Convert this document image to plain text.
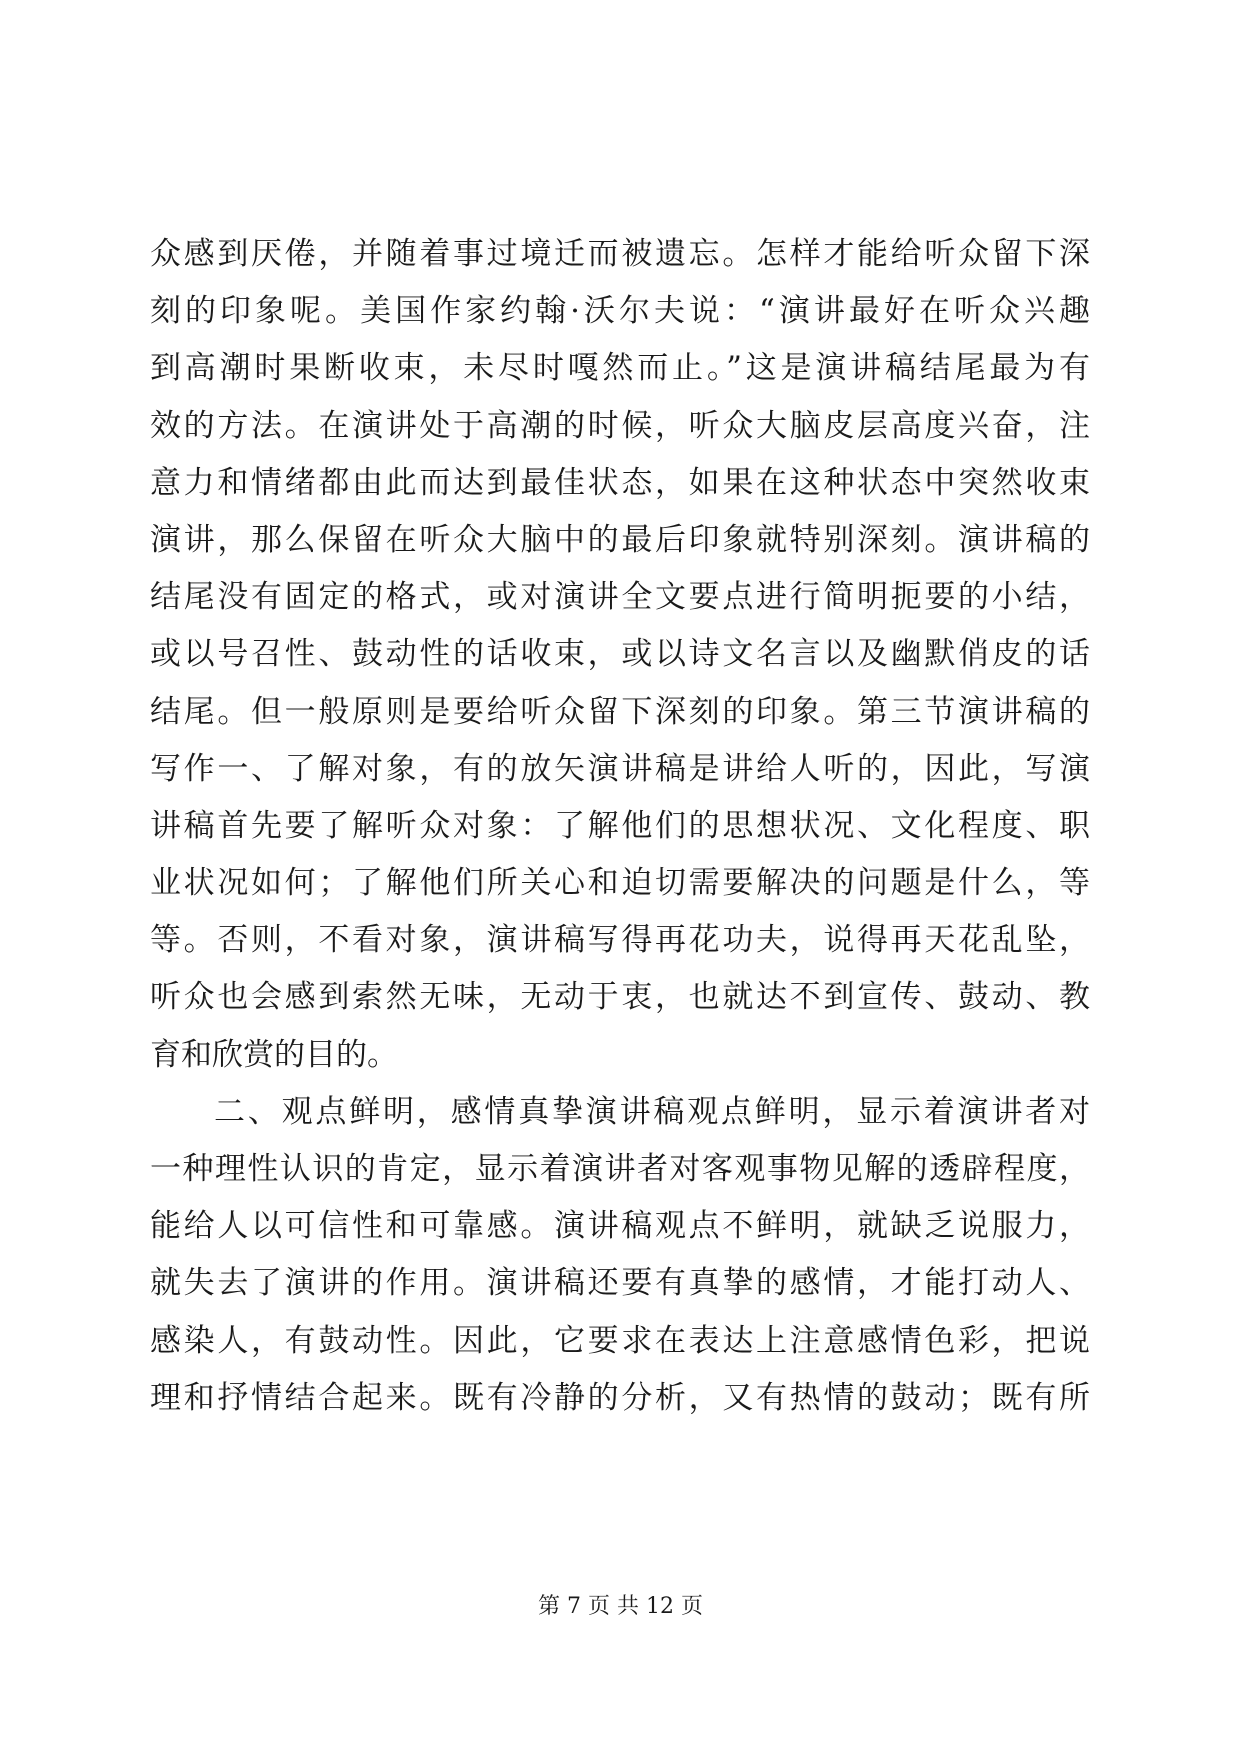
众感到厌倦，并随着事过境迁而被遗忘。怎样才能给听众留下深
刻的印象呢。美国作家约翰·沃尔夫说：“演讲最好在听众兴趣
到高潮时果断收束，未尽时嘎然而止。”这是演讲稿结尾最为有
效的方法。在演讲处于高潮的时候，听众大脑皮层高度兴奋，注
意力和情绪都由此而达到最佳状态，如果在这种状态中突然收束
演讲，那么保留在听众大脑中的最后印象就特别深刻。演讲稿的
结尾没有固定的格式，或对演讲全文要点进行简明扼要的小结，
或以号召性、鼓动性的话收束，或以诗文名言以及幽默俏皮的话
结尾。但一般原则是要给听众留下深刻的印象。第三节演讲稿的
写作一、了解对象，有的放矢演讲稿是讲给人听的，因此，写演
讲稿首先要了解听众对象：了解他们的思想状况、文化程度、职
业状况如何；了解他们所关心和迫切需要解决的问题是什么，等
等。否则，不看对象，演讲稿写得再花功夫，说得再天花乱坠，
听众也会感到索然无味，无动于衷，也就达不到宣传、鼓动、教
育和欣赏的目的。
二、观点鲜明，感情真挚演讲稿观点鲜明，显示着演讲者对
一种理性认识的肯定，显示着演讲者对客观事物见解的透辟程度，
能给人以可信性和可靠感。演讲稿观点不鲜明，就缺乏说服力，
就失去了演讲的作用。演讲稿还要有真挚的感情，才能打动人、
感染人，有鼓动性。因此，它要求在表达上注意感情色彩，把说
理和抒情结合起来。既有冷静的分析，又有热情的鼓动；既有所
第 7 页 共 12 页
